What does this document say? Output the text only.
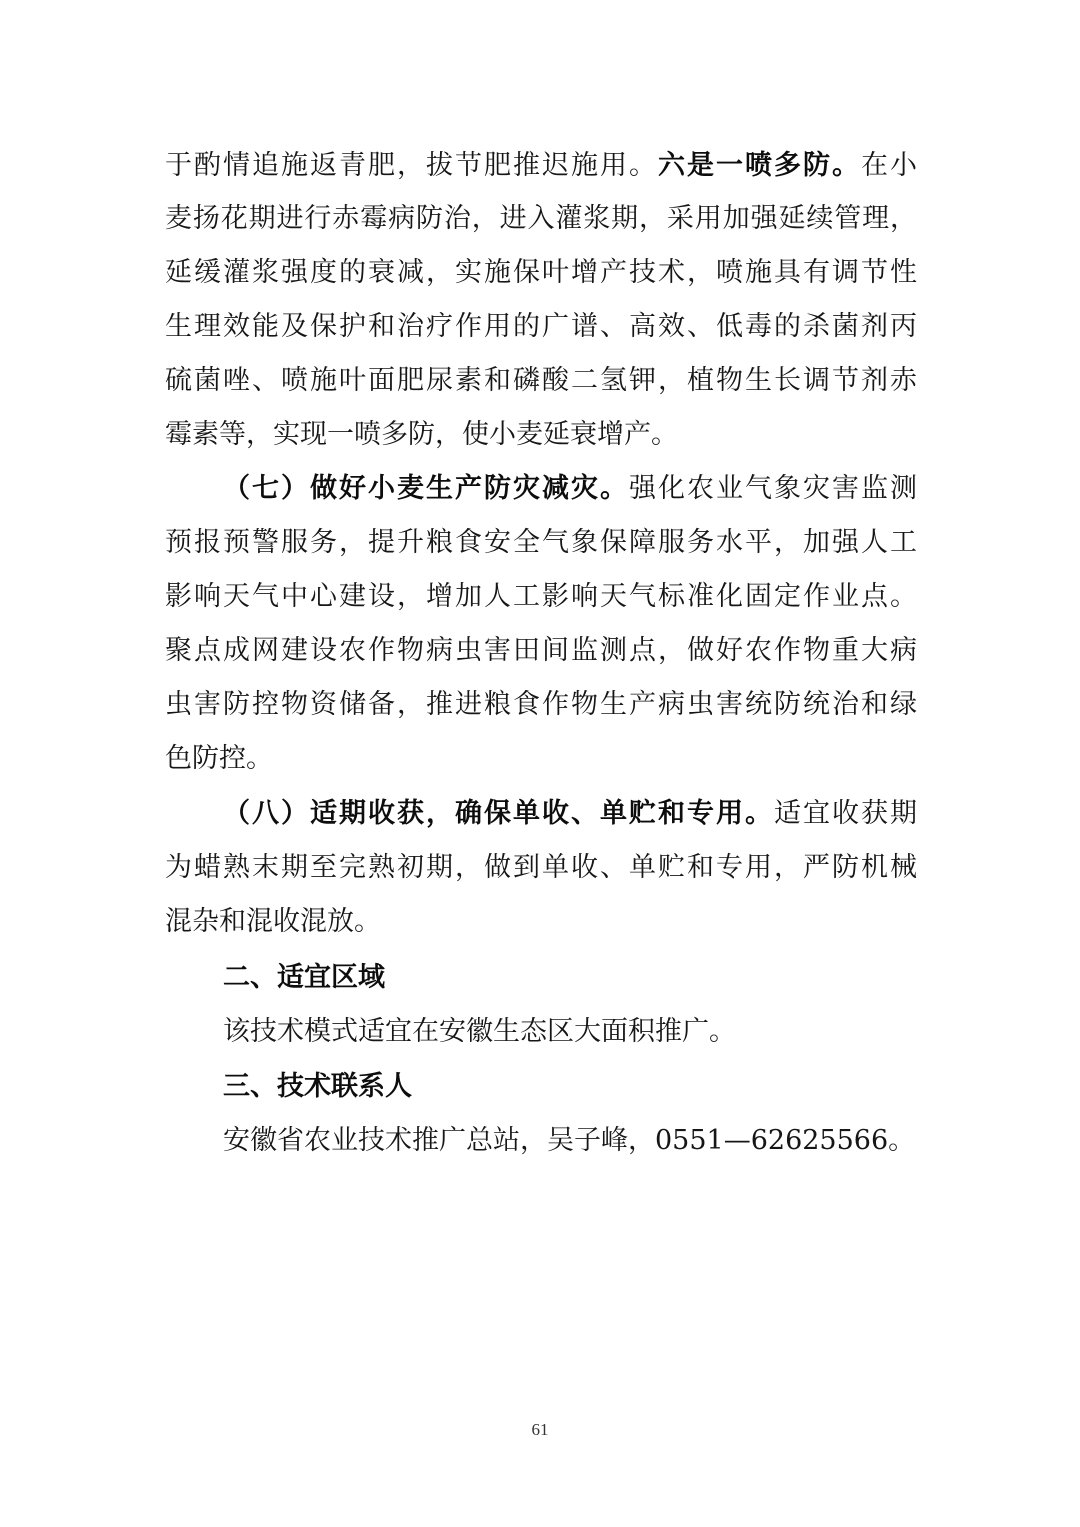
于酌情追施返青肥，拔节肥推迟施用。六是一喷多防。在小
麦扬花期进行赤霉病防治，进入灌浆期，采用加强延续管理，
延缓灌浆强度的衰减，实施保叶增产技术，喷施具有调节性
生理效能及保护和治疗作用的广谱、高效、低毒的杀菌剂丙
硫菌唑、喷施叶面肥尿素和磷酸二氢钾，植物生长调节剂赤
霉素等，实现一喷多防，使小麦延衰增产。
（七）做好小麦生产防灾减灾。强化农业气象灾害监测
预报预警服务，提升粮食安全气象保障服务水平，加强人工
影响天气中心建设，增加人工影响天气标准化固定作业点。
聚点成网建设农作物病虫害田间监测点，做好农作物重大病
虫害防控物资储备，推进粮食作物生产病虫害统防统治和绿
色防控。
（八）适期收获，确保单收、单贮和专用。适宜收获期
为蜡熟末期至完熟初期，做到单收、单贮和专用，严防机械
混杂和混收混放。
二、适宜区域
该技术模式适宜在安徽生态区大面积推广。
三、技术联系人
安徽省农业技术推广总站，吴子峰，0551—62625566。
61
